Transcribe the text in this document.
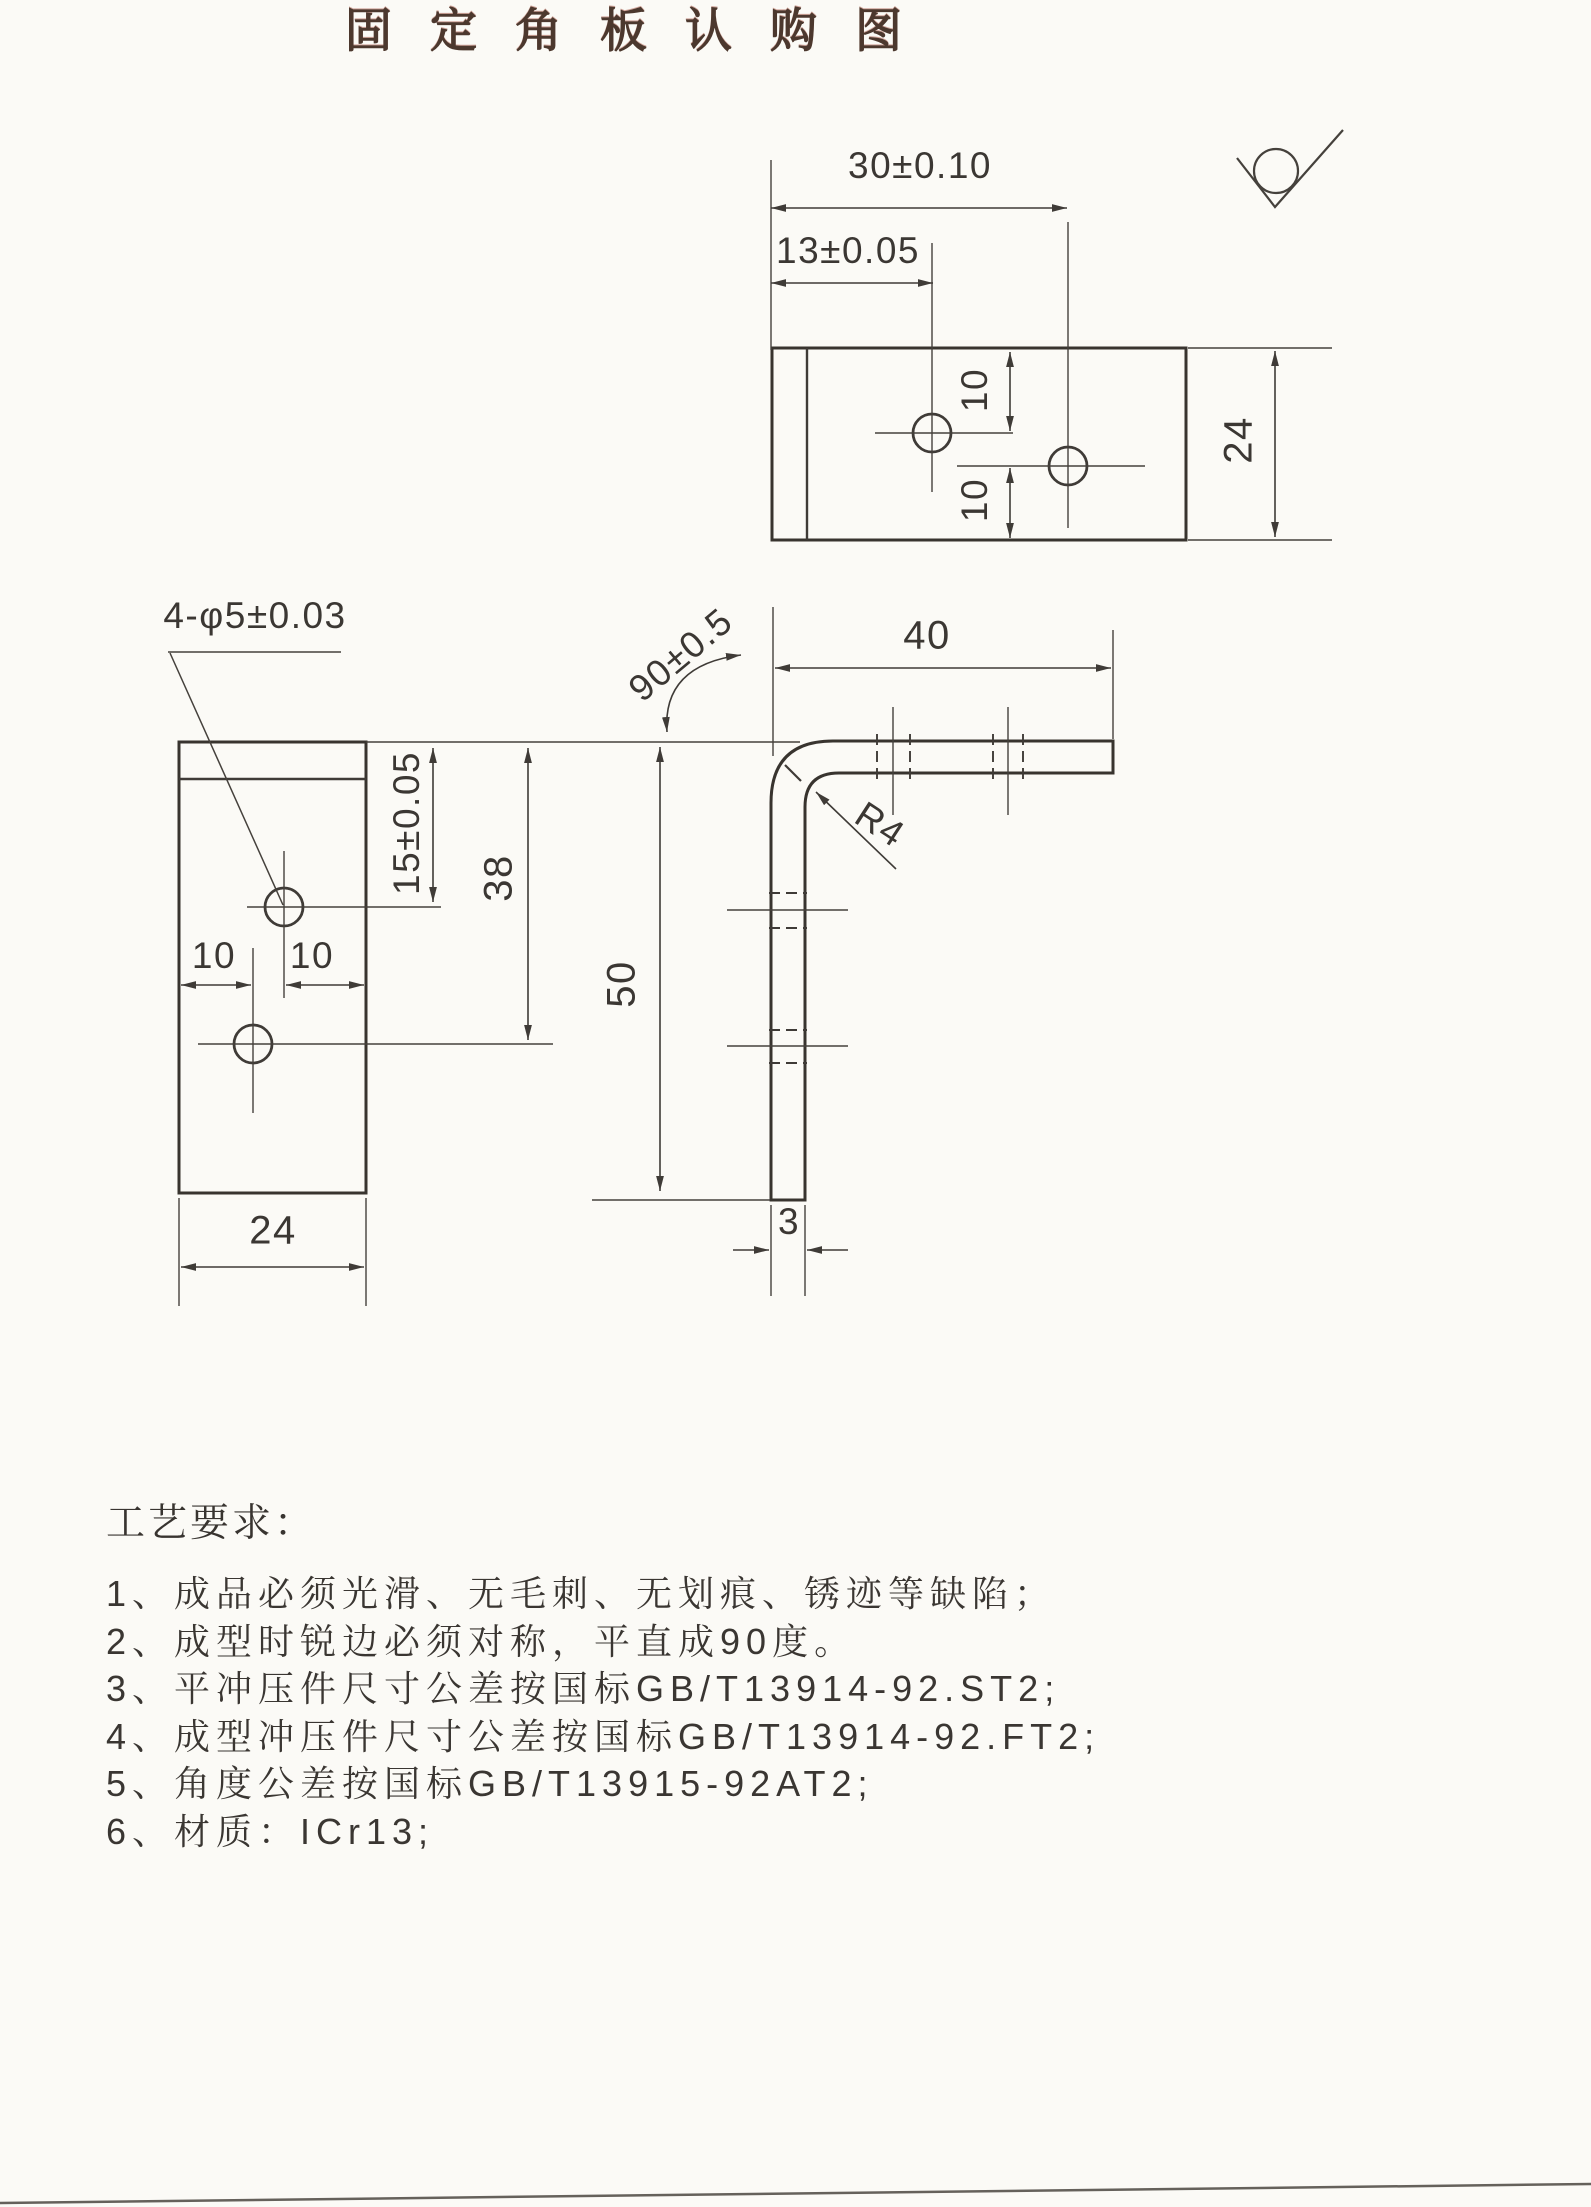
固定角板认购图
30±0.10
13±0.05
10
10
24
4-φ5±0.03
15±0.05 38
10 10
24
90±0.5	40
R4
50
3
工艺要求：
1、成品必须光滑、无毛刺、无划痕、锈迹等缺陷；
2、成型时锐边必须对称，平直成90度。
3、平冲压件尺寸公差按国标GB/T13914-92.ST2;
4、成型冲压件尺寸公差按国标GB/T13914-92.FT2;
5、角度公差按国标GB/T13915-92AT2;
6、材质：ICr13;
